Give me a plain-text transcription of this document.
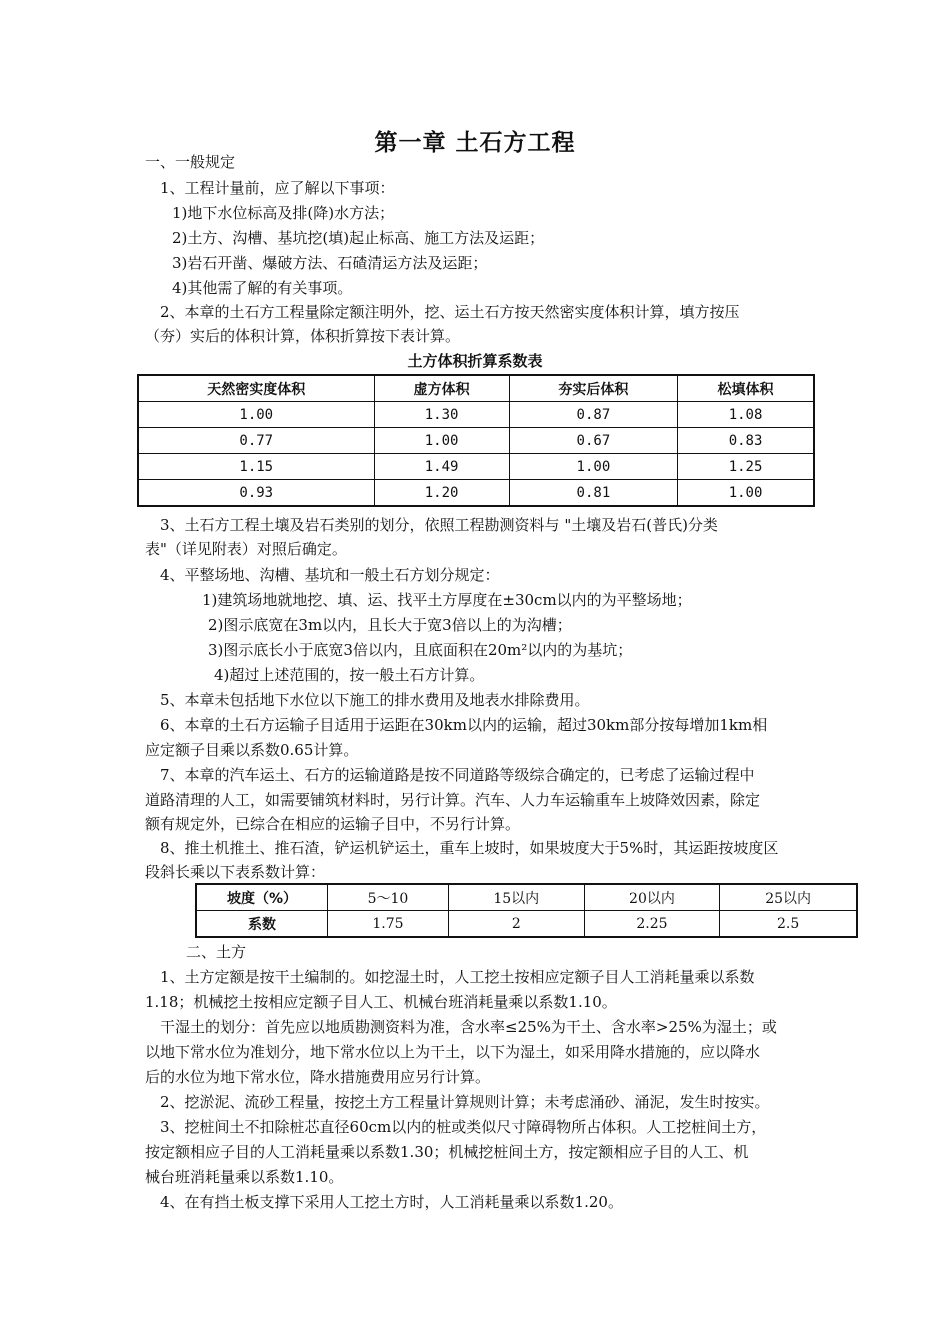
第一章 土石方工程
一、一般规定
1、工程计量前，应了解以下事项：
1)地下水位标高及排(降)水方法；
2)土方、沟槽、基坑挖(填)起止标高、施工方法及运距；
3)岩石开凿、爆破方法、石碴清运方法及运距；
4)其他需了解的有关事项。
2、本章的土石方工程量除定额注明外，挖、运土石方按天然密实度体积计算，填方按压
（夯）实后的体积计算，体积折算按下表计算。
土方体积折算系数表
天然密实度体积	虚方体积	夯实后体积	松填体积
1.00	1.30	0.87	1.08
0.77	1.00	0.67	0.83
1.15	1.49	1.00	1.25
0.93	1.20	0.81	1.00
3、土石方工程土壤及岩石类别的划分，依照工程勘测资料与 "土壤及岩石(普氏)分类
表"（详见附表）对照后确定。
4、平整场地、沟槽、基坑和一般土石方划分规定：
1)建筑场地就地挖、填、运、找平土方厚度在±30cm以内的为平整场地；
2)图示底宽在3m以内，且长大于宽3倍以上的为沟槽；
3)图示底长小于底宽3倍以内，且底面积在20m²以内的为基坑；
4)超过上述范围的，按一般土石方计算。
5、本章未包括地下水位以下施工的排水费用及地表水排除费用。
6、本章的土石方运输子目适用于运距在30km以内的运输，超过30km部分按每增加1km相
应定额子目乘以系数0.65计算。
7、本章的汽车运土、石方的运输道路是按不同道路等级综合确定的，已考虑了运输过程中
道路清理的人工，如需要铺筑材料时，另行计算。汽车、人力车运输重车上坡降效因素，除定
额有规定外，已综合在相应的运输子目中，不另行计算。
8、推土机推土、推石渣，铲运机铲运土，重车上坡时，如果坡度大于5%时，其运距按坡度区
段斜长乘以下表系数计算：
坡度（%）	5～10	15以内	20以内	25以内
系数	1.75	2	2.25	2.5
二、土方
1、土方定额是按干土编制的。如挖湿土时，人工挖土按相应定额子目人工消耗量乘以系数
1.18；机械挖土按相应定额子目人工、机械台班消耗量乘以系数1.10。
干湿土的划分：首先应以地质勘测资料为准，含水率≤25%为干土、含水率>25%为湿土；或
以地下常水位为准划分，地下常水位以上为干土，以下为湿土，如采用降水措施的，应以降水
后的水位为地下常水位，降水措施费用应另行计算。
2、挖淤泥、流砂工程量，按挖土方工程量计算规则计算；未考虑涌砂、涌泥，发生时按实。
3、挖桩间土不扣除桩芯直径60cm以内的桩或类似尺寸障碍物所占体积。人工挖桩间土方，
按定额相应子目的人工消耗量乘以系数1.30；机械挖桩间土方，按定额相应子目的人工、机
械台班消耗量乘以系数1.10。
4、在有挡土板支撑下采用人工挖土方时，人工消耗量乘以系数1.20。
